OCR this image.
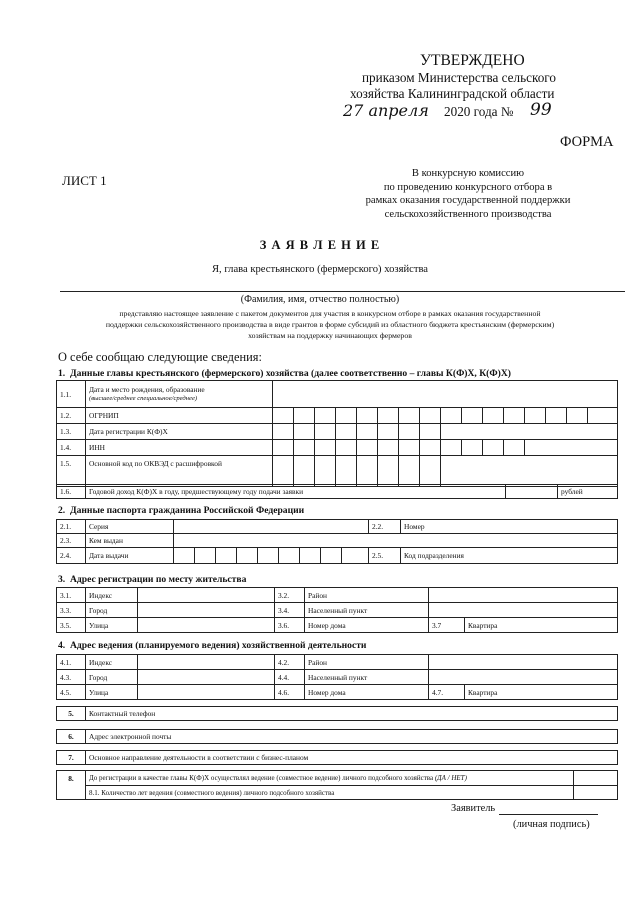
УТВЕРЖДЕНО
приказом Министерства сельского
хозяйства Калининградской области
27 апреля 2020 года № 99
ФОРМА
ЛИСТ 1	В конкурсную комиссию
по проведению конкурсного отбора в
рамках оказания государственной поддержки
сельскохозяйственного производства
З А Я В Л Е Н И Е
Я, глава крестьянского (фермерского) хозяйства
(Фамилия, имя, отчество полностью)
представляю настоящее заявление с пакетом документов для участия в конкурсном отборе в рамках оказания государственной
поддержки сельскохозяйственного производства в виде грантов в форме субсидий из областного бюджета крестьянским (фермерским)
хозяйствам на поддержку начинающих фермеров
О себе сообщаю следующие сведения:
1. Данные главы крестьянского (фермерского) хозяйства (далее соответственно – главы К(Ф)Х, К(Ф)Х)
1.1.	Дата и место рождения, образование
(высшее/среднее специальное/среднее)	

1.2.	ОГРНИП	

1.3.	Дата регистрации К(Ф)Х	

1.4.	ИНН	

1.5.	Основной код по ОКВЭД с расшифровкой	
1.6.	Годовой доход К(Ф)Х в году, предшествующему году подачи заявки		рублей
2. Данные паспорта гражданина Российской Федерации
2.1.	Серия		2.2.	Номер
2.3.	Кем выдан			
2.4.	Дата выдачи		2.5.	Код подразделения
3. Адрес регистрации по месту жительства
3.1.	Индекс		3.2.	Район		
3.3.	Город		3.4.	Населенный пункт		
3.5.	Улица		3.6.	Номер дома	3.7	Квартира
4. Адрес ведения (планируемого ведения) хозяйственной деятельности
4.1.	Индекс		4.2.	Район		
4.3.	Город		4.4.	Населенный пункт		
4.5.	Улица		4.6.	Номер дома	4.7.	Квартира
5.	Контактный телефон
6.	Адрес электронной почты
7.	Основное направление деятельности в соответствии с бизнес-планом
8.	До регистрации в качестве главы К(Ф)Х осуществлял ведение (совместное ведение) личного подсобного хозяйства (ДА / НЕТ)	
	8.1. Количество лет ведения (совместного ведения) личного подсобного хозяйства	
Заявитель
(личная подпись)
